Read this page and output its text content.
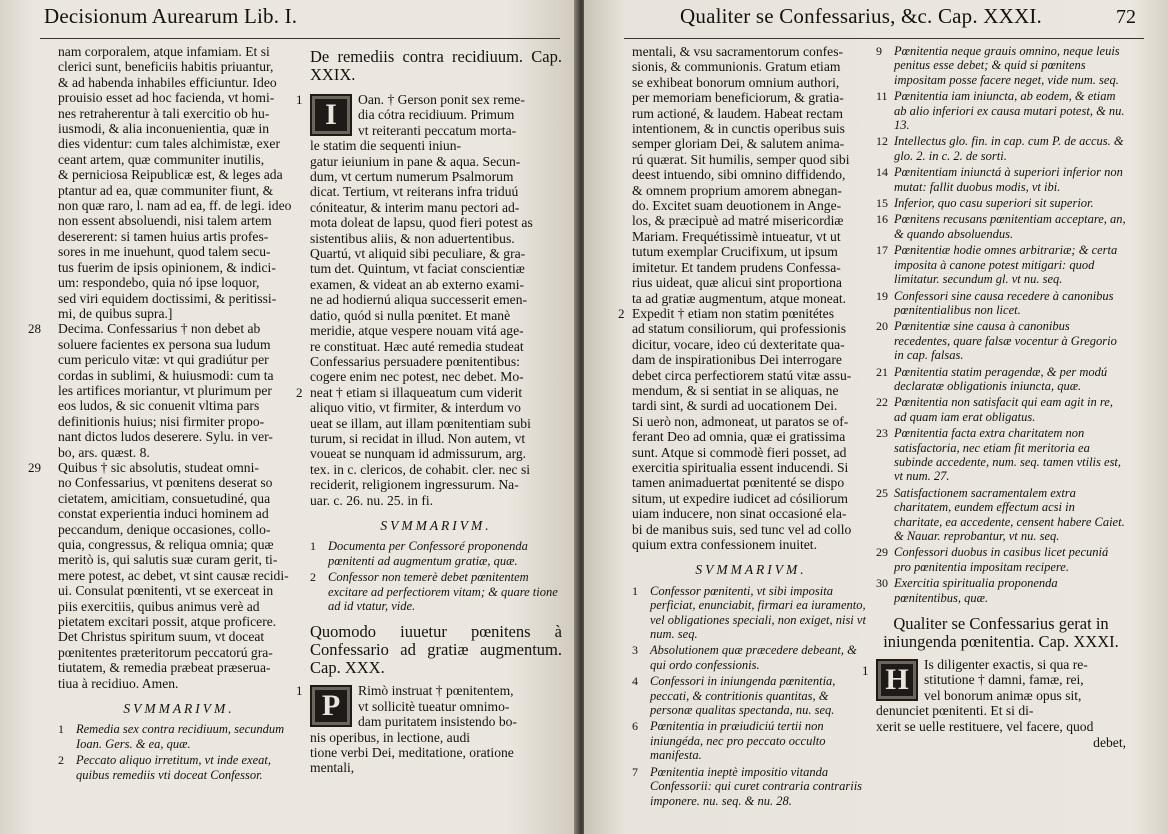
Decisionum Aurearum Lib. I.

nam corporalem, atque infamiam. Et si

clerici sunt, beneficiis habitis priuantur,

& ad habenda inhabiles efficiuntur. Ideo

prouisio esset ad hoc facienda, vt homi-

nes retraherentur à tali exercitio ob hu-

iusmodi, & alia inconuenientia, quæ in

dies videntur: cum tales alchimistæ, exer

ceant artem, quæ communiter inutilis,

& perniciosa Reipublicæ est, & leges ada

ptantur ad ea, quæ communiter fiunt, &

non quæ raro, l. nam ad ea, ff. de legi. ideo

non essent absoluendi, nisi talem artem

desererent: si tamen huius artis profes-

sores in me inuehunt, quod talem secu-

tus fuerim de ipsis opinionem, & indici-

um: respondebo, quia nó ipse loquor,

sed viri equidem doctissimi, & peritissi-

mi, de quibus supra.]

28 Decima. Confessarius † non debet ab

soluere facientes ex persona sua ludum

cum periculo vitæ: vt qui gradiútur per

cordas in sublimi, & huiusmodi: cum ta

les artifices moriantur, vt plurimum per

eos ludos, & sic conuenit vltima pars

definitionis huius; nisi firmiter propo-

nant dictos ludos deserere. Sylu. in ver-

bo, ars. quæst. 8.

29 Quibus † sic absolutis, studeat omni-

no Confessarius, vt pœnitens deserat so

cietatem, amicitiam, consuetudiné, qua

constat experientia induci hominem ad

peccandum, denique occasiones, collo-

quia, congressus, & reliqua omnia; quæ

meritò is, qui salutis suæ curam gerit, ti-

mere potest, ac debet, vt sint causæ recidi-

ui. Consulat pœnitenti, vt se exerceat in

piis exercitiis, quibus animus verè ad

pietatem excitari possit, atque proficere.

Det Christus spiritum suum, vt doceat

pœnitentes præteritorum peccatorú gra-

tiutatem, & remedia præbeat præserua-

tiua à recidiuo. Amen.

SVMMARIVM.
1 Remedia sex contra recidiuum, secundum Ioan. Gers. & ea, quæ.
2 Peccato aliquo irretitum, vt inde exeat, quibus remediis vti doceat Confessor.

De remediis contra recidiuum. Cap. XXIX.

1 I	Oan. † Gerson ponit sex reme-

dia cótra recidiuum. Primum

vt reiteranti peccatum morta-

le statim die sequenti iniun-

gatur ieiunium in pane & aqua. Secun-

dum, vt certum numerum Psalmorum

dicat. Tertium, vt reiterans infra triduú

cóniteatur, & interim manu pectori ad-

mota doleat de lapsu, quod fieri potest as

sistentibus aliis, & non aduertentibus.

Quartú, vt aliquid sibi peculiare, & gra-

tum det. Quintum, vt faciat conscientiæ

examen, & videat an ab externo exami-

ne ad hodiernú aliqua successerit emen-

datio, quód si nulla pœnitet. Et manè

meridie, atque vespere nouam vitá age-

re constituat. Hæc auté remedia studeat

Confessarius persuadere pœnitentibus:

cogere enim nec potest, nec debet. Mo-

2 neat † etiam si illaqueatum cum viderit

aliquo vitio, vt firmiter, & interdum vo

ueat se illam, aut illam pœnitentiam subi

turum, si recidat in illud. Non autem, vt

voueat se nunquam id admissurum, arg.

tex. in c. clericos, de cohabit. cler. nec si

reciderit, religionem ingressurum. Na-

uar. c. 26. nu. 25. in fi.

SVMMARIVM.
1 Documenta per Confessoré proponenda pœnitenti ad augmentum gratiæ, quæ.
2 Confessor non temerè debet pœnitentem excitare ad perfectiorem vitam; & quare tione ad id vtatur, vide.

Quomodo iuuetur pœnitens à Confessario ad gratiæ augmentum. Cap. XXX.

1 P	Rimò instruat † pœnitentem,

vt sollicitè tueatur omnimo-

dam puritatem insistendo bo-

nis operibus, in lectione, audi

tione verbi Dei, meditatione, oratione

mentali,

Qualiter se Confessarius, &c. Cap. XXXI.	72

mentali, & vsu sacramentorum confes-

sionis, & communionis. Gratum etiam

se exhibeat bonorum omnium authori,

per memoriam beneficiorum, & gratia-

rum actioné, & laudem. Habeat rectam

intentionem, & in cunctis operibus suis

semper gloriam Dei, & salutem anima-

rú quærat. Sit humilis, semper quod sibi

deest intuendo, sibi omnino diffidendo,

& omnem proprium amorem abnegan-

do. Excitet suam deuotionem in Ange-

los, & præcipuè ad matré misericordiæ

Mariam. Frequétissimè intueatur, vt ut

tutum exemplar Crucifixum, ut ipsum

imitetur. Et tandem prudens Confessa-

rius uideat, quæ alicui sint proportiona

ta ad gratiæ augmentum, atque moneat.

2 Expedit † etiam non statim pœnitétes

ad statum consiliorum, qui professionis

dicitur, vocare, ideo cú dexteritate qua-

dam de inspirationibus Dei interrogare

debet circa perfectiorem statú vitæ assu-

mendum, & si sentiat in se aliquas, ne

tardi sint, & surdi ad uocationem Dei.

Si uerò non, admoneat, ut paratos se of-

ferant Deo ad omnia, quæ ei gratissima

sunt. Atque si commodè fieri posset, ad

exercitia spiritualia essent inducendi. Si

tamen animaduertat pœnitenté se dispo

situm, ut expedire iudicet ad cósiliorum

uiam inducere, non sinat occasioné ela-

bi de manibus suis, sed tunc vel ad collo

quium extra confessionem inuitet.

SVMMARIVM.
1 Confessor pœnitenti, vt sibi imposita perficiat, enunciabit, firmari ea iuramento, vel obligationes speciali, non exiget, nisi vt num. seq.
3 Absolutionem quæ præcedere debeant, & qui ordo confessionis.
4 Confessori in iniungenda pœnitentia, peccati, & contritionis quantitas, & personæ qualitas spectanda, nu. seq.
6 Pœnitentia in præiudiciú tertii non iniungéda, nec pro peccato occulto manifesta.
7 Pœnitentia ineptè impositio vitanda Confessorii: qui curet contraria contrariis imponere. nu. seq. & nu. 28.
9 Pœnitentia neque grauis omnino, neque leuis penitus esse debet; & quid si pœnitens impositam posse facere neget, vide num. seq.
11 Pœnitentia iam iniuncta, ab eodem, & etiam ab alio inferiori ex causa mutari potest, & nu. 13.
12 Intellectus glo. fin. in cap. cum P. de accus. & glo. 2. in c. 2. de sorti.
14 Pœnitentiam iniunctá à superiori inferior non mutat: fallit duobus modis, vt ibi.
15 Inferior, quo casu superiori sit superior.
16 Pœnitens recusans pœnitentiam acceptare, an, & quando absoluendus.
17 Pœnitentiæ hodie omnes arbitrariæ; & certa imposita à canone potest mitigari: quod limitatur. secundum gl. vt nu. seq.
19 Confessori sine causa recedere à canonibus pœnitentialibus non licet.
20 Pœnitentiæ sine causa à canonibus recedentes, quare falsæ vocentur à Gregorio in cap. falsas.
21 Pœnitentia statim peragendæ, & per modú declaratæ obligationis iniuncta, quæ.
22 Pœnitentia non satisfacit qui eam agit in re, ad quam iam erat obligatus.
23 Pœnitentia facta extra charitatem non satisfactoria, nec etiam fit meritoria ea subinde accedente, num. seq. tamen vtilis est, vt num. 27.
25 Satisfactionem sacramentalem extra charitatem, eundem effectum acsi in charitate, ea accedente, censent habere Caiet. & Nauar. reprobantur, vt nu. seq.
29 Confessori duobus in casibus licet pecuniá pro pœnitentia impositam recipere.
30 Exercitia spiritualia proponenda pœnitentibus, quæ.

Qualiter se Confessarius gerat in iniungenda pœnitentia. Cap. XXXI.

1 H	Is diligenter exactis, si qua re-

stitutione † damni, famæ, rei,

vel bonorum animæ opus sit,

denunciet pœnitenti. Et si di-

xerit se uelle restituere, vel facere, quod

debet,
